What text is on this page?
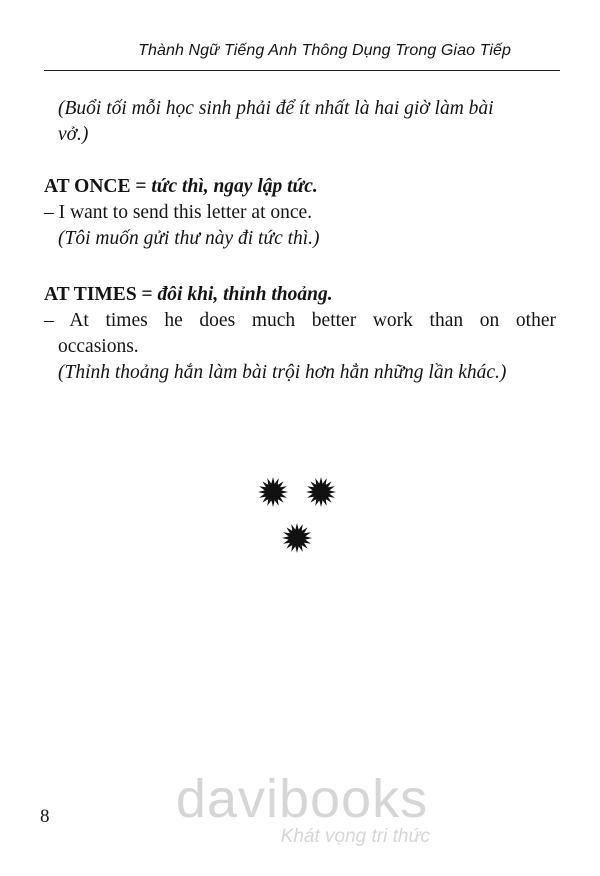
Thành Ngữ Tiếng Anh Thông Dụng Trong Giao Tiếp
(Buổi tối mỗi học sinh phải để ít nhất là hai giờ làm bài
vở.)
AT ONCE = tức thì, ngay lập tức.
– I want to send this letter at once.
(Tôi muốn gửi thư này đi tức thì.)
AT TIMES = đôi khi, thỉnh thoảng.
– At times he does much better work than on other
occasions.
(Thỉnh thoảng hắn làm bài trội hơn hẳn những lần khác.)
8	davibooks
Khát vọng tri thức
